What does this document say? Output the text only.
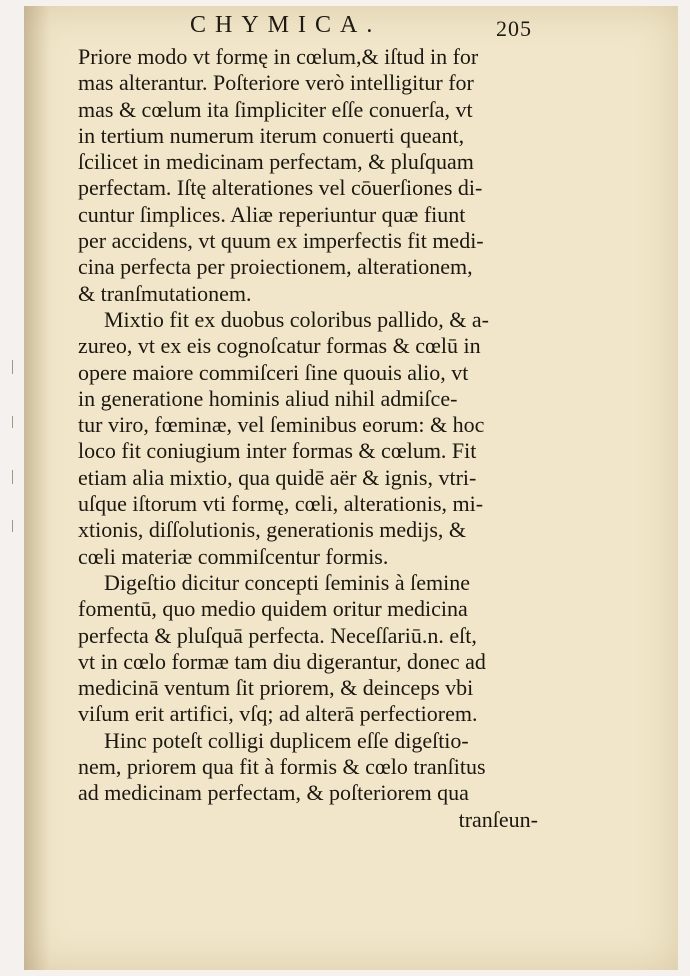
CHYMICA.	205
Priore modo vt formę in cœlum,& iſtud in for
mas alterantur. Poſteriore verò intelligitur for
mas & cœlum ita ſimpliciter eſſe conuerſa, vt
in tertium numerum iterum conuerti queant,
ſcilicet in medicinam perfectam, & pluſquam
perfectam. Iſtę alterationes vel cōuerſiones di-
cuntur ſimplices. Aliæ reperiuntur quæ fiunt
per accidens, vt quum ex imperfectis fit medi-
cina perfecta per proiectionem, alterationem,
& tranſmutationem.
Mixtio fit ex duobus coloribus pallido, & a-
zureo, vt ex eis cognoſcatur formas & cœlū in
opere maiore commiſceri ſine quouis alio, vt
in generatione hominis aliud nihil admiſce-
tur viro, fœminæ, vel ſeminibus eorum: & hoc
loco fit coniugium inter formas & cœlum. Fit
etiam alia mixtio, qua quidē aër & ignis, vtri-
uſque iſtorum vti formę, cœli, alterationis, mi-
xtionis, diſſolutionis, generationis medijs, &
cœli materiæ commiſcentur formis.
Digeſtio dicitur concepti ſeminis à ſemine
fomentū, quo medio quidem oritur medicina
perfecta & pluſquā perfecta. Neceſſariū.n. eſt,
vt in cœlo formæ tam diu digerantur, donec ad
medicinā ventum ſit priorem, & deinceps vbi
viſum erit artifici, vſq; ad alterā perfectiorem.
Hinc poteſt colligi duplicem eſſe digeſtio-
nem, priorem qua fit à formis & cœlo tranſitus
ad medicinam perfectam, & poſteriorem qua
tranſeun-
